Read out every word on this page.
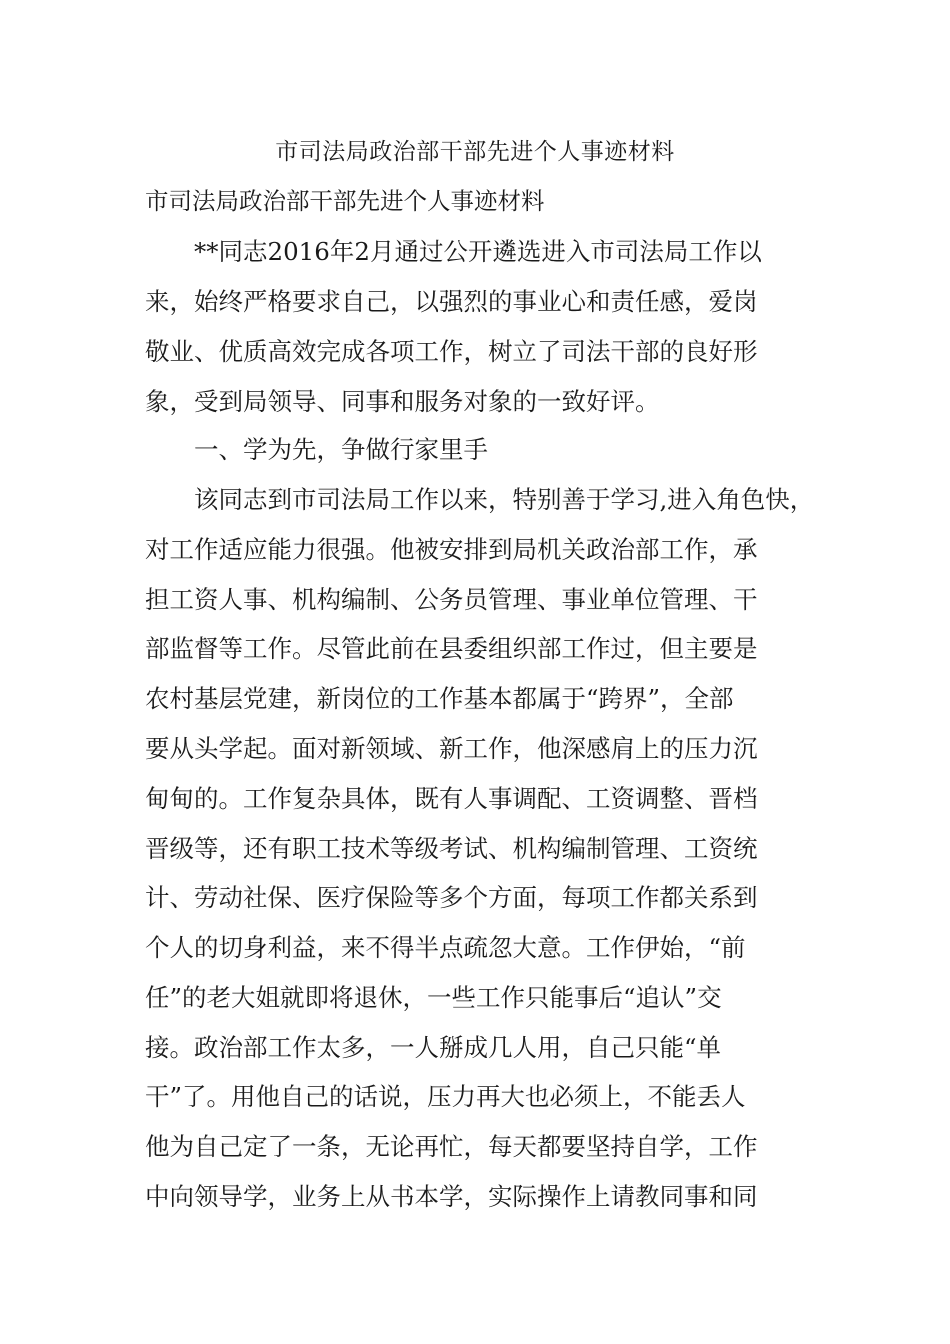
市司法局政治部干部先进个人事迹材料
市司法局政治部干部先进个人事迹材料
　　**同志2016年2月通过公开遴选进入市司法局工作以
来，始终严格要求自己，以强烈的事业心和责任感，爱岗
敬业、优质高效完成各项工作，树立了司法干部的良好形
象，受到局领导、同事和服务对象的一致好评。
　　一、学为先，争做行家里手
　　该同志到市司法局工作以来，特别善于学习,进入角色快，
对工作适应能力很强。他被安排到局机关政治部工作，承
担工资人事、机构编制、公务员管理、事业单位管理、干
部监督等工作。尽管此前在县委组织部工作过，但主要是
农村基层党建，新岗位的工作基本都属于“跨界”，全部
要从头学起。面对新领域、新工作，他深感肩上的压力沉
甸甸的。工作复杂具体，既有人事调配、工资调整、晋档
晋级等，还有职工技术等级考试、机构编制管理、工资统
计、劳动社保、医疗保险等多个方面，每项工作都关系到
个人的切身利益，来不得半点疏忽大意。工作伊始，“前
任”的老大姐就即将退休，一些工作只能事后“追认”交
接。政治部工作太多，一人掰成几人用，自己只能“单
干”了。用他自己的话说，压力再大也必须上，不能丢人
他为自己定了一条，无论再忙，每天都要坚持自学，工作
中向领导学，业务上从书本学，实际操作上请教同事和同
